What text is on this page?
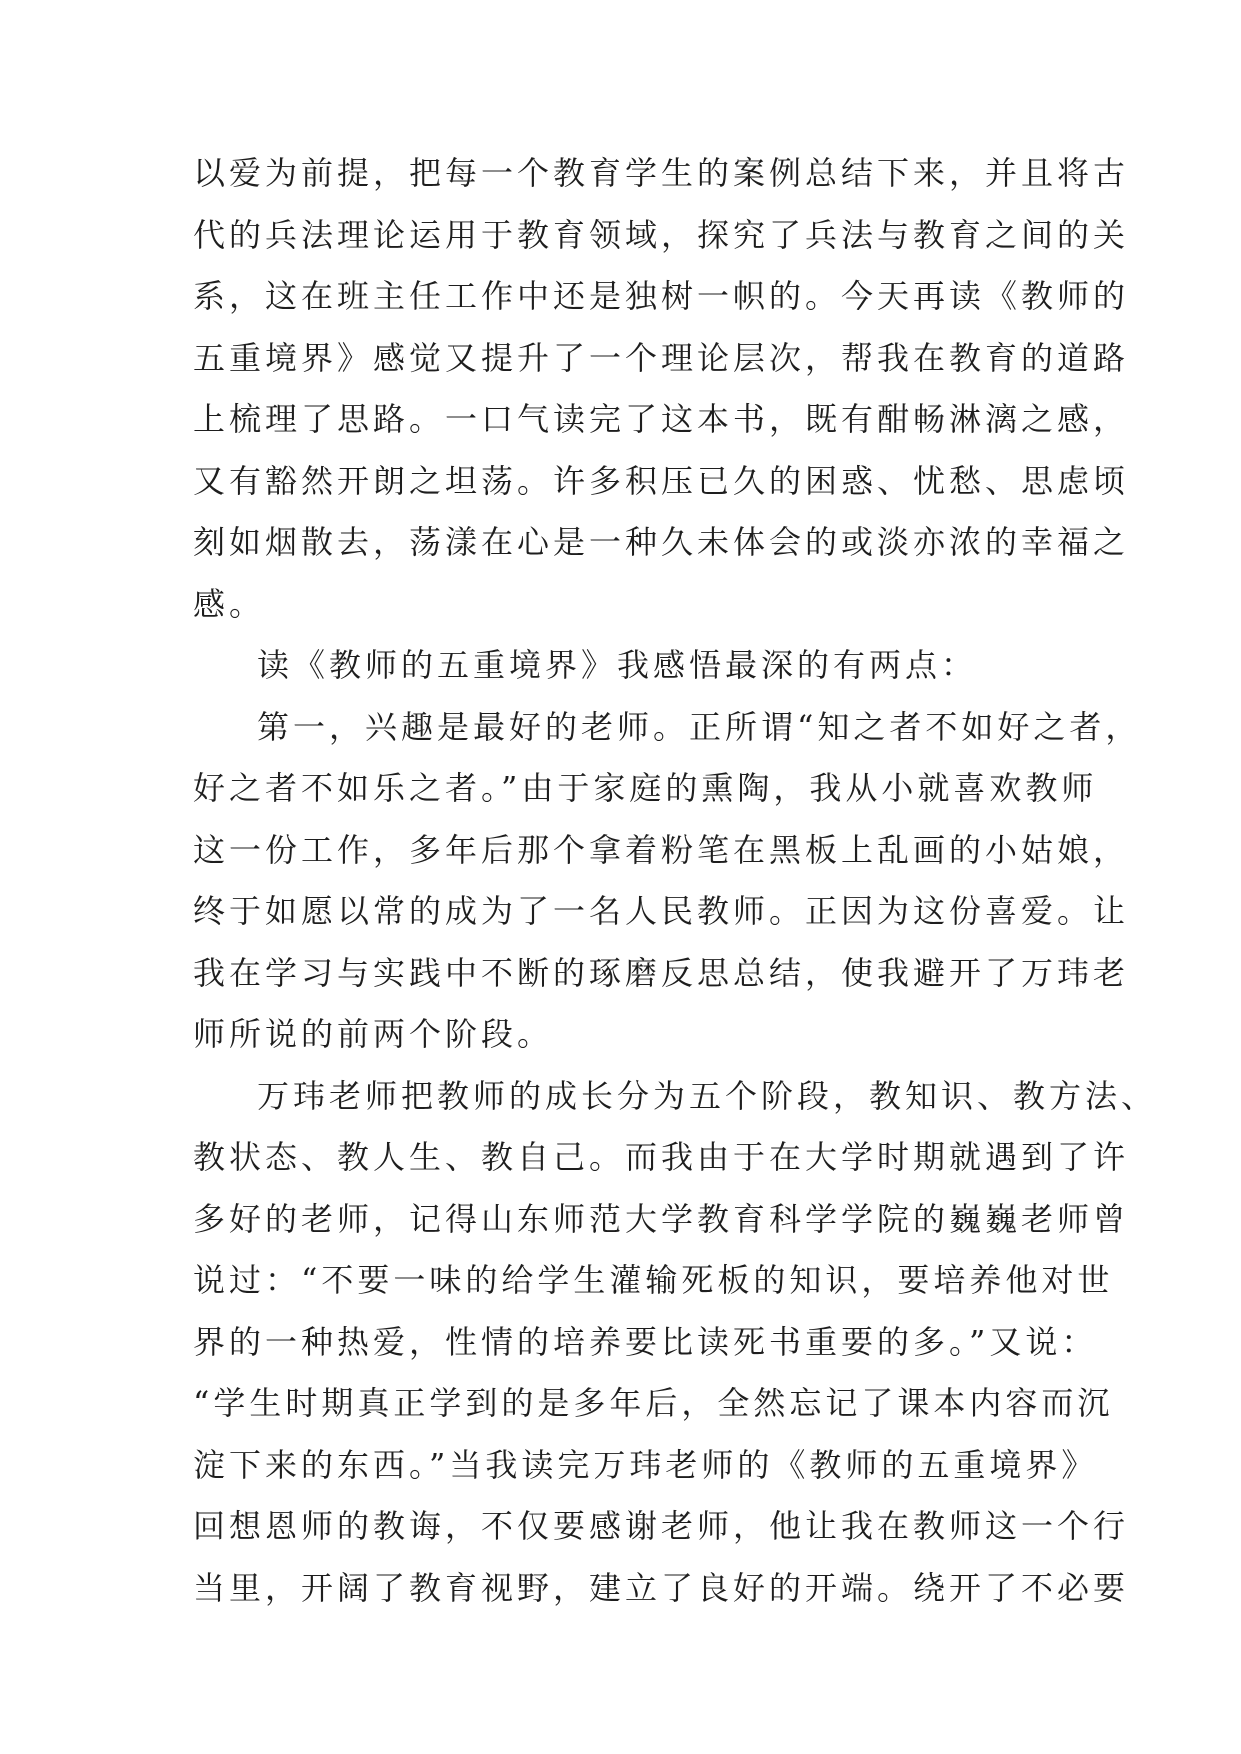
以爱为前提，把每一个教育学生的案例总结下来，并且将古
代的兵法理论运用于教育领域，探究了兵法与教育之间的关
系，这在班主任工作中还是独树一帜的。今天再读《教师的
五重境界》感觉又提升了一个理论层次，帮我在教育的道路
上梳理了思路。一口气读完了这本书，既有酣畅淋漓之感，
又有豁然开朗之坦荡。许多积压已久的困惑、忧愁、思虑顷
刻如烟散去，荡漾在心是一种久未体会的或淡亦浓的幸福之
感。
读《教师的五重境界》我感悟最深的有两点：
第一，兴趣是最好的老师。正所谓“知之者不如好之者，
好之者不如乐之者。”由于家庭的熏陶，我从小就喜欢教师
这一份工作，多年后那个拿着粉笔在黑板上乱画的小姑娘，
终于如愿以常的成为了一名人民教师。正因为这份喜爱。让
我在学习与实践中不断的琢磨反思总结，使我避开了万玮老
师所说的前两个阶段。
万玮老师把教师的成长分为五个阶段，教知识、教方法、
教状态、教人生、教自己。而我由于在大学时期就遇到了许
多好的老师，记得山东师范大学教育科学学院的巍巍老师曾
说过：“不要一味的给学生灌输死板的知识，要培养他对世
界的一种热爱，性情的培养要比读死书重要的多。”又说：
“学生时期真正学到的是多年后，全然忘记了课本内容而沉
淀下来的东西。”当我读完万玮老师的《教师的五重境界》
回想恩师的教诲，不仅要感谢老师，他让我在教师这一个行
当里，开阔了教育视野，建立了良好的开端。绕开了不必要
